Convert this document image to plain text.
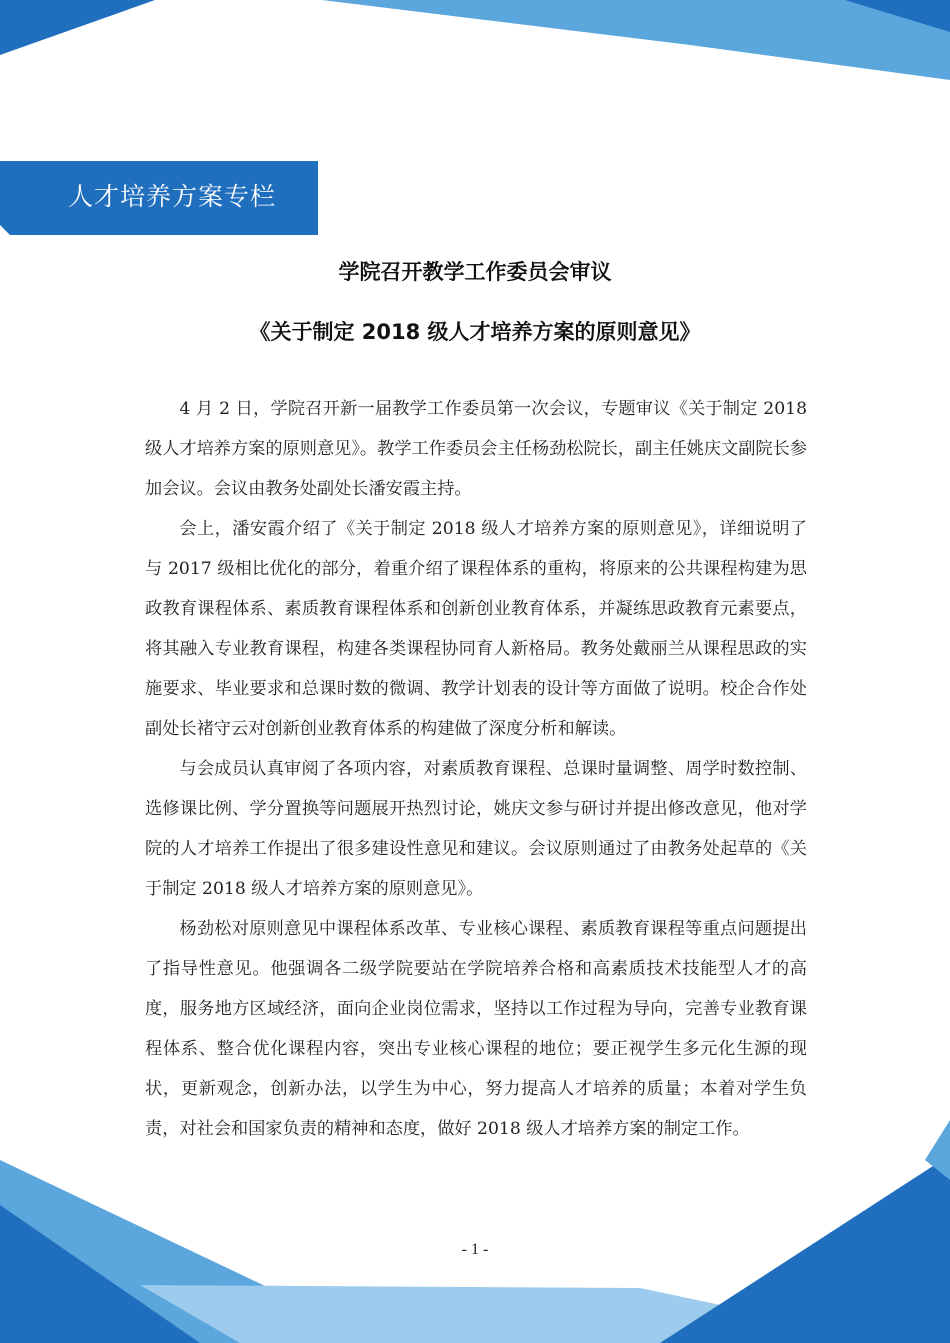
人才培养方案专栏
学院召开教学工作委员会审议
《关于制定 2018 级人才培养方案的原则意见》

4 月 2 日，学院召开新一届教学工作委员第一次会议，专题审议《关于制定 2018 级人才培养方案的原则意见》。教学工作委员会主任杨劲松院长，副主任姚庆文副院长参加会议。会议由教务处副处长潘安霞主持。

会上，潘安霞介绍了《关于制定 2018 级人才培养方案的原则意见》，详细说明了与 2017 级相比优化的部分，着重介绍了课程体系的重构，将原来的公共课程构建为思政教育课程体系、素质教育课程体系和创新创业教育体系，并凝练思政教育元素要点，将其融入专业教育课程，构建各类课程协同育人新格局。教务处戴丽兰从课程思政的实施要求、毕业要求和总课时数的微调、教学计划表的设计等方面做了说明。校企合作处副处长褚守云对创新创业教育体系的构建做了深度分析和解读。

与会成员认真审阅了各项内容，对素质教育课程、总课时量调整、周学时数控制、选修课比例、学分置换等问题展开热烈讨论，姚庆文参与研讨并提出修改意见，他对学院的人才培养工作提出了很多建设性意见和建议。会议原则通过了由教务处起草的《关于制定 2018 级人才培养方案的原则意见》。

杨劲松对原则意见中课程体系改革、专业核心课程、素质教育课程等重点问题提出了指导性意见。他强调各二级学院要站在学院培养合格和高素质技术技能型人才的高度，服务地方区域经济，面向企业岗位需求，坚持以工作过程为导向，完善专业教育课程体系、整合优化课程内容，突出专业核心课程的地位；要正视学生多元化生源的现状，更新观念，创新办法，以学生为中心，努力提高人才培养的质量；本着对学生负责，对社会和国家负责的精神和态度，做好 2018 级人才培养方案的制定工作。

- 1 -
